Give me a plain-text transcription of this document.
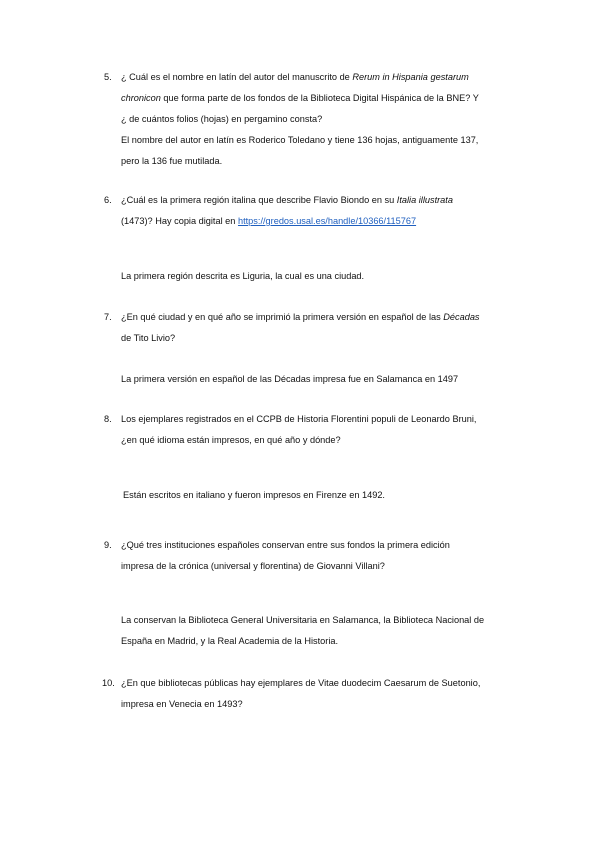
5.	¿ Cuál es el nombre en latín del autor del manuscrito de Rerum in Hispania gestarum
chronicon que forma parte de los fondos de la Biblioteca Digital Hispánica de la BNE? Y
¿ de cuántos folios (hojas) en pergamino consta?
El nombre del autor en latín es Roderico Toledano y tiene 136 hojas, antiguamente 137,
pero la 136 fue mutilada.
6.	¿Cuál es la primera región italina que describe Flavio Biondo en su Italia illustrata
(1473)? Hay copia digital en https://gredos.usal.es/handle/10366/115767
La primera región descrita es Liguria, la cual es una ciudad.
7.	¿En qué ciudad y en qué año se imprimió la primera versión en español de las Décadas
de Tito Livio?
La primera versión en español de las Décadas impresa fue en Salamanca en 1497
8.	Los ejemplares registrados en el CCPB de Historia Florentini populi de Leonardo Bruni,
¿en qué idioma están impresos, en qué año y dónde?
Están escritos en italiano y fueron impresos en Firenze en 1492.
9.	¿Qué tres instituciones españoles conservan entre sus fondos la primera edición
impresa de la crónica (universal y florentina) de Giovanni Villani?
La conservan la Biblioteca General Universitaria en Salamanca, la Biblioteca Nacional de
España en Madrid, y la Real Academia de la Historia.
10. ¿En que bibliotecas públicas hay ejemplares de Vitae duodecim Caesarum de Suetonio,
impresa en Venecia en 1493?
